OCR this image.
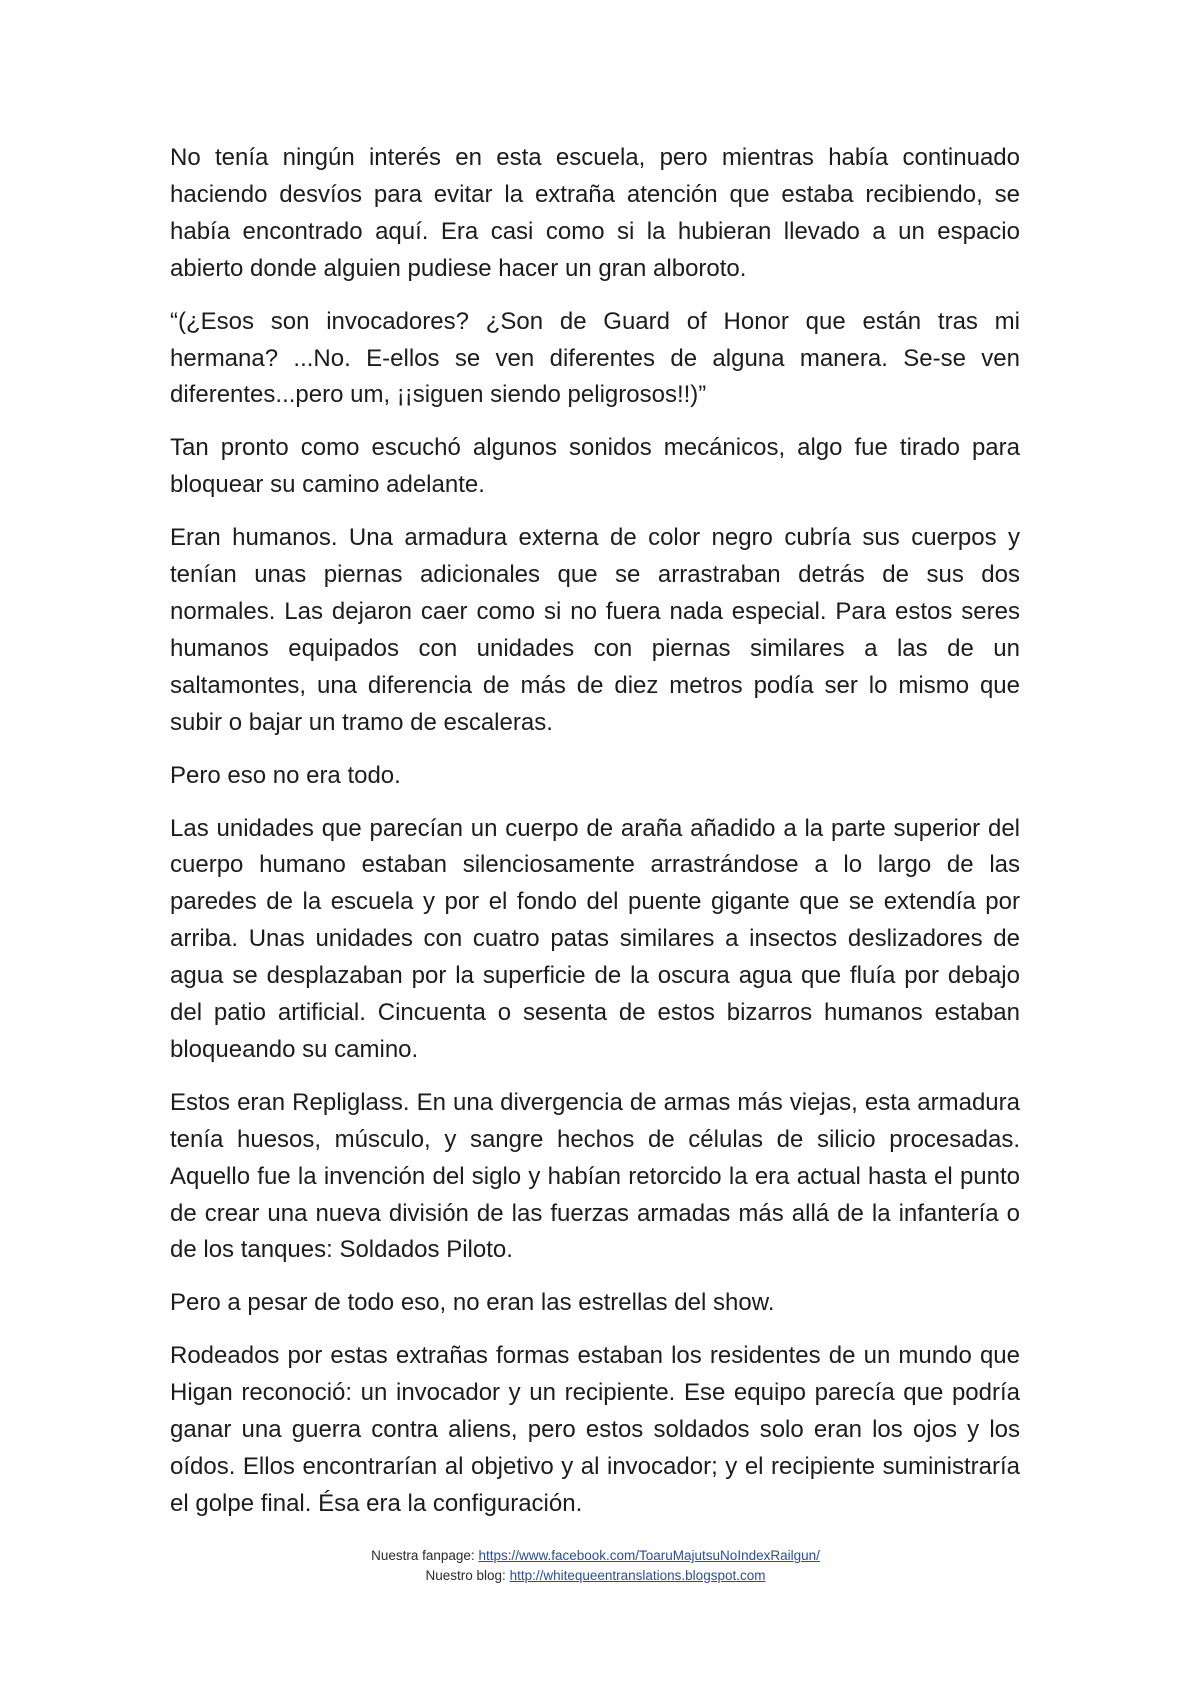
No tenía ningún interés en esta escuela, pero mientras había continuado haciendo desvíos para evitar la extraña atención que estaba recibiendo, se había encontrado aquí. Era casi como si la hubieran llevado a un espacio abierto donde alguien pudiese hacer un gran alboroto.

“(¿Esos son invocadores? ¿Son de Guard of Honor que están tras mi hermana? ...No. E-ellos se ven diferentes de alguna manera. Se-se ven diferentes...pero um, ¡¡siguen siendo peligrosos!!)”

Tan pronto como escuchó algunos sonidos mecánicos, algo fue tirado para bloquear su camino adelante.

Eran humanos. Una armadura externa de color negro cubría sus cuerpos y tenían unas piernas adicionales que se arrastraban detrás de sus dos normales. Las dejaron caer como si no fuera nada especial. Para estos seres humanos equipados con unidades con piernas similares a las de un saltamontes, una diferencia de más de diez metros podía ser lo mismo que subir o bajar un tramo de escaleras.

Pero eso no era todo.

Las unidades que parecían un cuerpo de araña añadido a la parte superior del cuerpo humano estaban silenciosamente arrastrándose a lo largo de las paredes de la escuela y por el fondo del puente gigante que se extendía por arriba. Unas unidades con cuatro patas similares a insectos deslizadores de agua se desplazaban por la superficie de la oscura agua que fluía por debajo del patio artificial. Cincuenta o sesenta de estos bizarros humanos estaban bloqueando su camino.

Estos eran Repliglass. En una divergencia de armas más viejas, esta armadura tenía huesos, músculo, y sangre hechos de células de silicio procesadas. Aquello fue la invención del siglo y habían retorcido la era actual hasta el punto de crear una nueva división de las fuerzas armadas más allá de la infantería o de los tanques: Soldados Piloto.

Pero a pesar de todo eso, no eran las estrellas del show.

Rodeados por estas extrañas formas estaban los residentes de un mundo que Higan reconoció: un invocador y un recipiente. Ese equipo parecía que podría ganar una guerra contra aliens, pero estos soldados solo eran los ojos y los oídos. Ellos encontrarían al objetivo y al invocador; y el recipiente suministraría el golpe final. Ésa era la configuración.

Nuestra fanpage: https://www.facebook.com/ToaruMajutsuNoIndexRailgun/
Nuestro blog: http://whitequeentranslations.blogspot.com
